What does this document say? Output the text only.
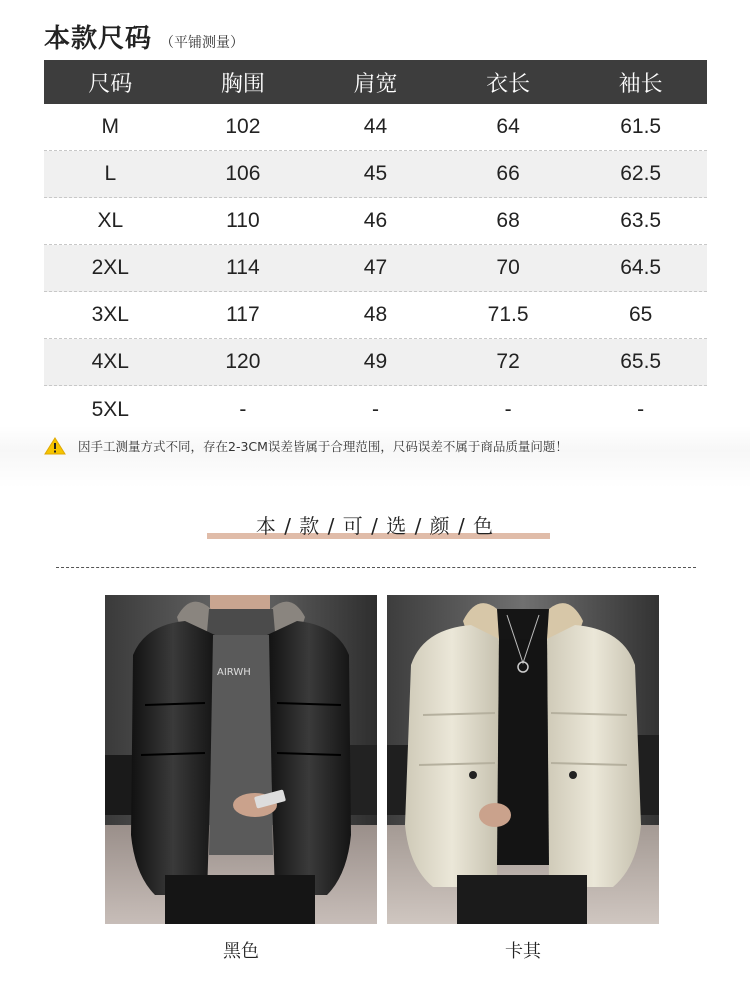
本款尺码 （平铺测量）
尺码	胸围	肩宽	衣长	袖长
M	102	44	64	61.5
L	106	45	66	62.5
XL	110	46	68	63.5
2XL	114	47	70	64.5
3XL	117	48	71.5	65
4XL	120	49	72	65.5
5XL	-	-	-	-
因手工测量方式不同，存在2-3CM误差皆属于合理范围，尺码误差不属于商品质量问题！
本 / 款 / 可 / 选 / 颜 / 色
AIRWH
黑色	卡其
